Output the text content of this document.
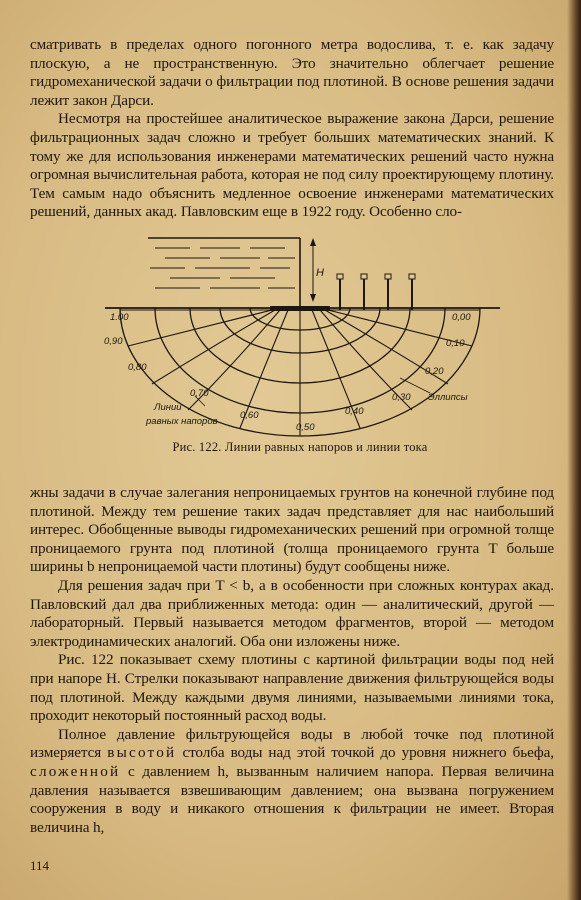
сматривать в пределах одного погонного метра водослива, т. е. как задачу плоскую, а не пространственную. Это значительно облегчает решение гидромеханической задачи о фильтрации под плотиной. В основе решения задачи лежит закон Дарси.

Несмотря на простейшее аналитическое выражение закона Дарси, решение фильтрационных задач сложно и требует больших математических знаний. К тому же для использования инженерами математических решений часто нужна огромная вычислительная работа, которая не под силу проектирующему плотину. Тем самым надо объяснить медленное освоение инженерами математических решений, данных акад. Павловским еще в 1922 году. Особенно сло-

H
1.00
0,90
0,80
0,70
0,60
0,50
0,40
0,30
0,20
0,10
0,00
Линии
равных напоров
Эллипсы
Рис. 122. Линии равных напоров и линии тока

жны задачи в случае залегания непроницаемых грунтов на конечной глубине под плотиной. Между тем решение таких задач представляет для нас наибольший интерес. Обобщенные выводы гидромеханических решений при огромной толще проницаемого грунта под плотиной (толща проницаемого грунта T больше ширины b непроницаемой части плотины) будут сообщены ниже.

Для решения задач при T < b, а в особенности при сложных контурах акад. Павловский дал два приближенных метода: один — аналитический, другой — лабораторный. Первый называется методом фрагментов, второй — методом электродинамических аналогий. Оба они изложены ниже.

Рис. 122 показывает схему плотины с картиной фильтрации воды под ней при напоре H. Стрелки показывают направление движения фильтрующейся воды под плотиной. Между каждыми двумя линиями, называемыми линиями тока, проходит некоторый постоянный расход воды.

Полное давление фильтрующейся воды в любой точке под плотиной измеряется высотой столба воды над этой точкой до уровня нижнего бьефа, сложенной с давлением h, вызванным наличием напора. Первая величина давления называется взвешивающим давлением; она вызвана погружением сооружения в воду и никакого отношения к фильтрации не имеет. Вторая величина h,

114
